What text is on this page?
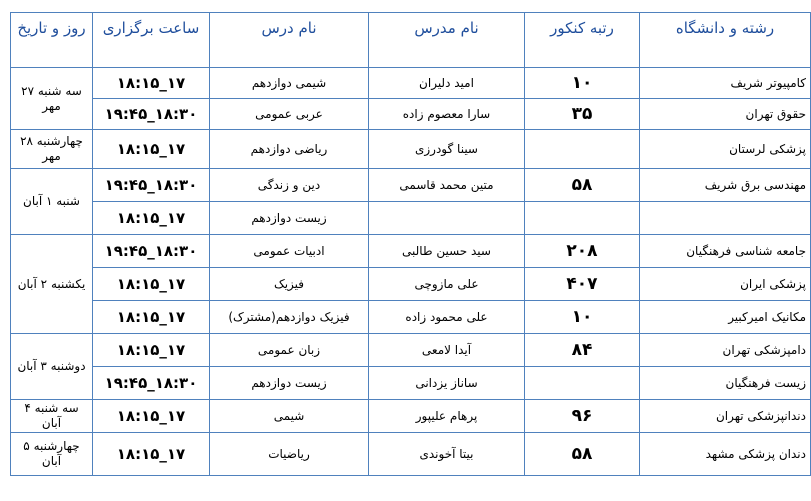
رشته و دانشگاه	رتبه کنکور	نام مدرس	نام درس	ساعت برگزاری	روز و تاریخ
کامپیوتر شریف	۱۰	امید دلیران	شیمی دوازدهم	۱۸:۱۵_۱۷	سه شنبه ۲۷ مهر
حقوق تهران	۳۵	سارا معصوم زاده	عربی عمومی	۱۹:۴۵_۱۸:۳۰	
پزشکی لرستان		سینا گودرزی	ریاضی دوازدهم	۱۸:۱۵_۱۷	چهارشنبه ۲۸ مهر
مهندسی برق شریف	۵۸	متین محمد قاسمی	دین و زندگی	۱۹:۴۵_۱۸:۳۰	شنبه ۱ آبان
			زیست دوازدهم	۱۸:۱۵_۱۷	
جامعه شناسی فرهنگیان	۲۰۸	سید حسین طالبی	ادبیات عمومی	۱۹:۴۵_۱۸:۳۰	یکشنبه ۲ آبان
پزشکی ایران	۴۰۷	علی مازوچی	فیزیک	۱۸:۱۵_۱۷	
مکانیک امیرکبیر	۱۰	علی محمود زاده	فیزیک دوازدهم(مشترک)	۱۸:۱۵_۱۷	
دامپزشکی تهران	۸۴	آیدا لامعی	زبان عمومی	۱۸:۱۵_۱۷	دوشنبه ۳ آبان
زیست فرهنگیان		ساناز یزدانی	زیست دوازدهم	۱۹:۴۵_۱۸:۳۰	
دندانپزشکی تهران	۹۶	پرهام علیپور	شیمی	۱۸:۱۵_۱۷	سه شنبه ۴ آبان
دندان پزشکی مشهد	۵۸	بیتا آخوندی	ریاضیات	۱۸:۱۵_۱۷	چهارشنبه ۵ آبان
